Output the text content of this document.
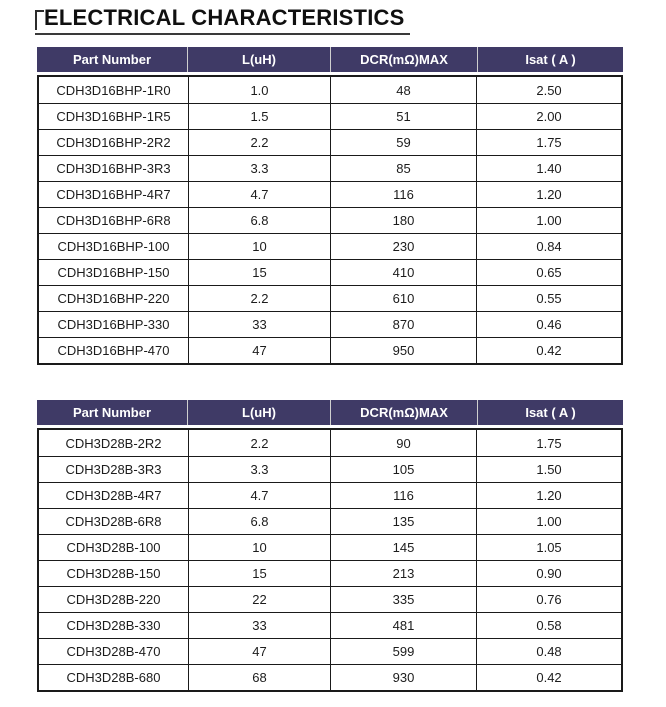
ELECTRICAL CHARACTERISTICS
Part Number	L(uH)	DCR(mΩ)MAX	Isat ( A )
CDH3D16BHP-1R0	1.0	48	2.50
CDH3D16BHP-1R5	1.5	51	2.00
CDH3D16BHP-2R2	2.2	59	1.75
CDH3D16BHP-3R3	3.3	85	1.40
CDH3D16BHP-4R7	4.7	116	1.20
CDH3D16BHP-6R8	6.8	180	1.00
CDH3D16BHP-100	10	230	0.84
CDH3D16BHP-150	15	410	0.65
CDH3D16BHP-220	2.2	610	0.55
CDH3D16BHP-330	33	870	0.46
CDH3D16BHP-470	47	950	0.42
Part Number	L(uH)	DCR(mΩ)MAX	Isat ( A )
CDH3D28B-2R2	2.2	90	1.75
CDH3D28B-3R3	3.3	105	1.50
CDH3D28B-4R7	4.7	116	1.20
CDH3D28B-6R8	6.8	135	1.00
CDH3D28B-100	10	145	1.05
CDH3D28B-150	15	213	0.90
CDH3D28B-220	22	335	0.76
CDH3D28B-330	33	481	0.58
CDH3D28B-470	47	599	0.48
CDH3D28B-680	68	930	0.42
